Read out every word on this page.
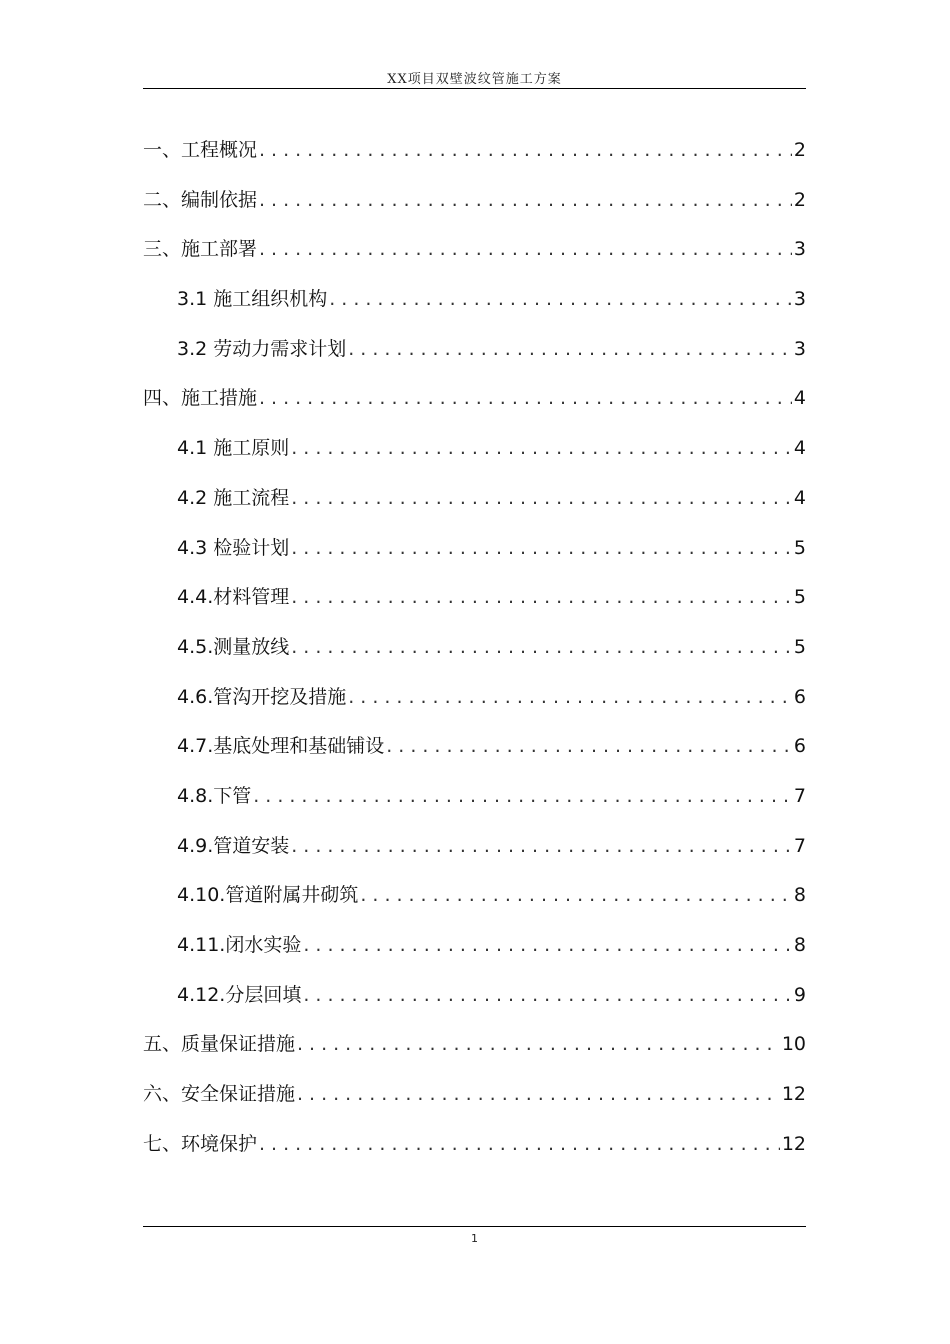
XX项目双壁波纹管施工方案
一、工程概况 .....	2
二、编制依据 .....	2
三、施工部署 .....	3
3.1 施工组织机构 .....	3
3.2 劳动力需求计划 .....	3
四、施工措施 .....	4
4.1 施工原则 .....	4
4.2 施工流程 .....	4
4.3 检验计划 .....	5
4.4.材料管理 .....	5
4.5.测量放线 .....	5
4.6.管沟开挖及措施 .....	6
4.7.基底处理和基础铺设 .....	6
4.8.下管 .....	7
4.9.管道安装 .....	7
4.10.管道附属井砌筑 .....	8
4.11.闭水实验 .....	8
4.12.分层回填 .....	9
五、质量保证措施 .....	10
六、安全保证措施 .....	12
七、环境保护 .....	12
1
